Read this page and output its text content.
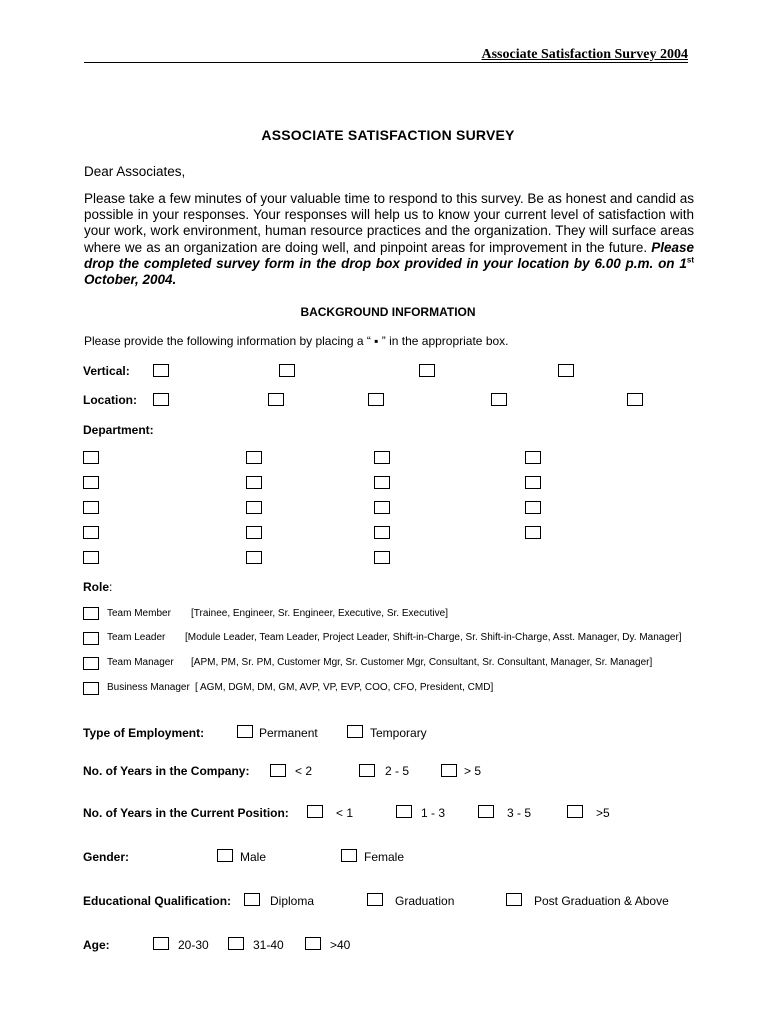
Associate Satisfaction Survey 2004
ASSOCIATE SATISFACTION SURVEY
Dear Associates,
Please take a few minutes of your valuable time to respond to this survey. Be as honest and candid as possible in your responses. Your responses will help us to know your current level of satisfaction with your work, work environment, human resource practices and the organization. They will surface areas where we as an organization are doing well, and pinpoint areas for improvement in the future. Please drop the completed survey form in the drop box provided in your location by 6.00 p.m. on 1st October, 2004.
BACKGROUND INFORMATION
Please provide the following information by placing a “ ▪ ” in the appropriate box.
Vertical:
Location:
Department:
Role:
Team Member [Trainee, Engineer, Sr. Engineer, Executive, Sr. Executive]
Team Leader [Module Leader, Team Leader, Project Leader, Shift-in-Charge, Sr. Shift-in-Charge, Asst. Manager, Dy. Manager]
Team Manager [APM, PM, Sr. PM, Customer Mgr, Sr. Customer Mgr, Consultant, Sr. Consultant, Manager, Sr. Manager]
Business Manager [ AGM, DGM, DM, GM, AVP, VP, EVP, COO, CFO, President, CMD]
Type of Employment:	Permanent	Temporary
No. of Years in the Company:	< 2	2 - 5	> 5
No. of Years in the Current Position:	< 1	1 - 3	3 - 5	>5
Gender:	Male	Female
Educational Qualification:	Diploma	Graduation	Post Graduation & Above
Age:	20-30	31-40	>40
